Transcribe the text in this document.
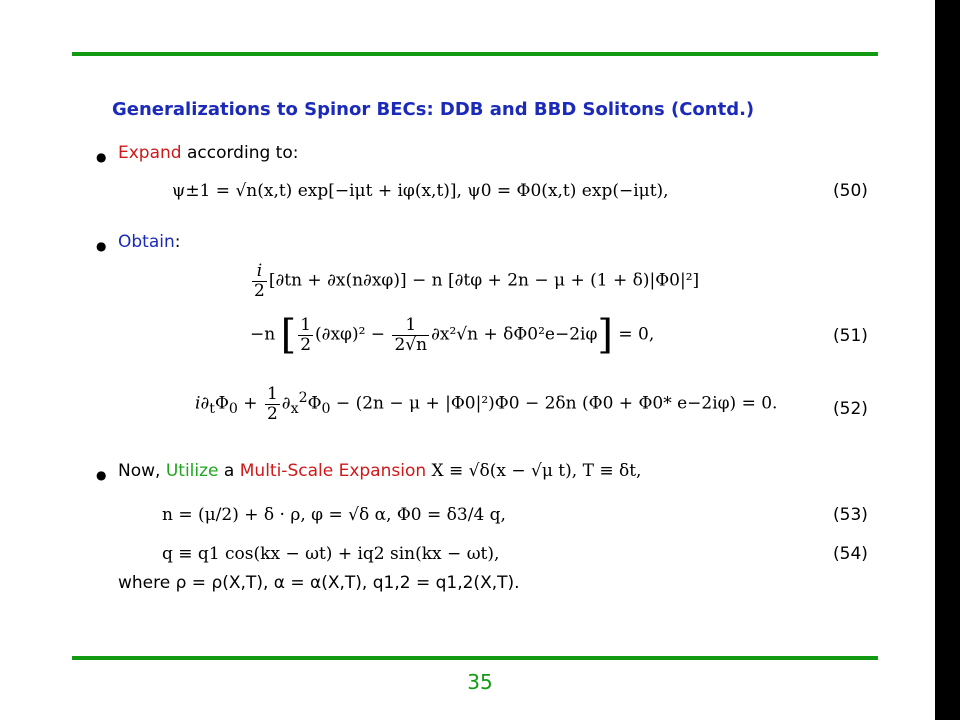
Generalizations to Spinor BECs: DDB and BBD Solitons (Contd.)
● Expand according to:
ψ±1 = √n(x,t) exp[−iμt + iφ(x,t)], ψ0 = Φ0(x,t) exp(−iμt),	(50)
● Obtain:
$\frac{i}{2} [\partial tn + \partial x(n\partial x\varphi)] - n$ [∂tφ + 2n − μ + (1 + δ)|Φ0|²]
−n [ $\frac{1}{2} (\partial x\varphi)^2 - \frac{1}{2√n} \partial x^2√n + \delta\Phi 0^2e-2i\varphi] = 0$,	(51)
$i\partial_t\Phi_0 + \frac{1}{2} \partial_x^2\Phi_0 - (2n - \mu + |\Phi 0|^2)\Phi 0 - 2\delta n$ (Φ0 + Φ0* e−2iφ) = 0.	(52)
● Now, Utilize a Multi-Scale Expansion X ≡ √δ(x − √μ t), T ≡ δt,
n = (μ/2) + δ · ρ, φ = √δ α, Φ0 = δ3/4 q,	(53)
q ≡ q1 cos(kx − ωt) + iq2 sin(kx − ωt),	(54)
where ρ = ρ(X,T), α = α(X,T), q1,2 = q1,2(X,T).
35
